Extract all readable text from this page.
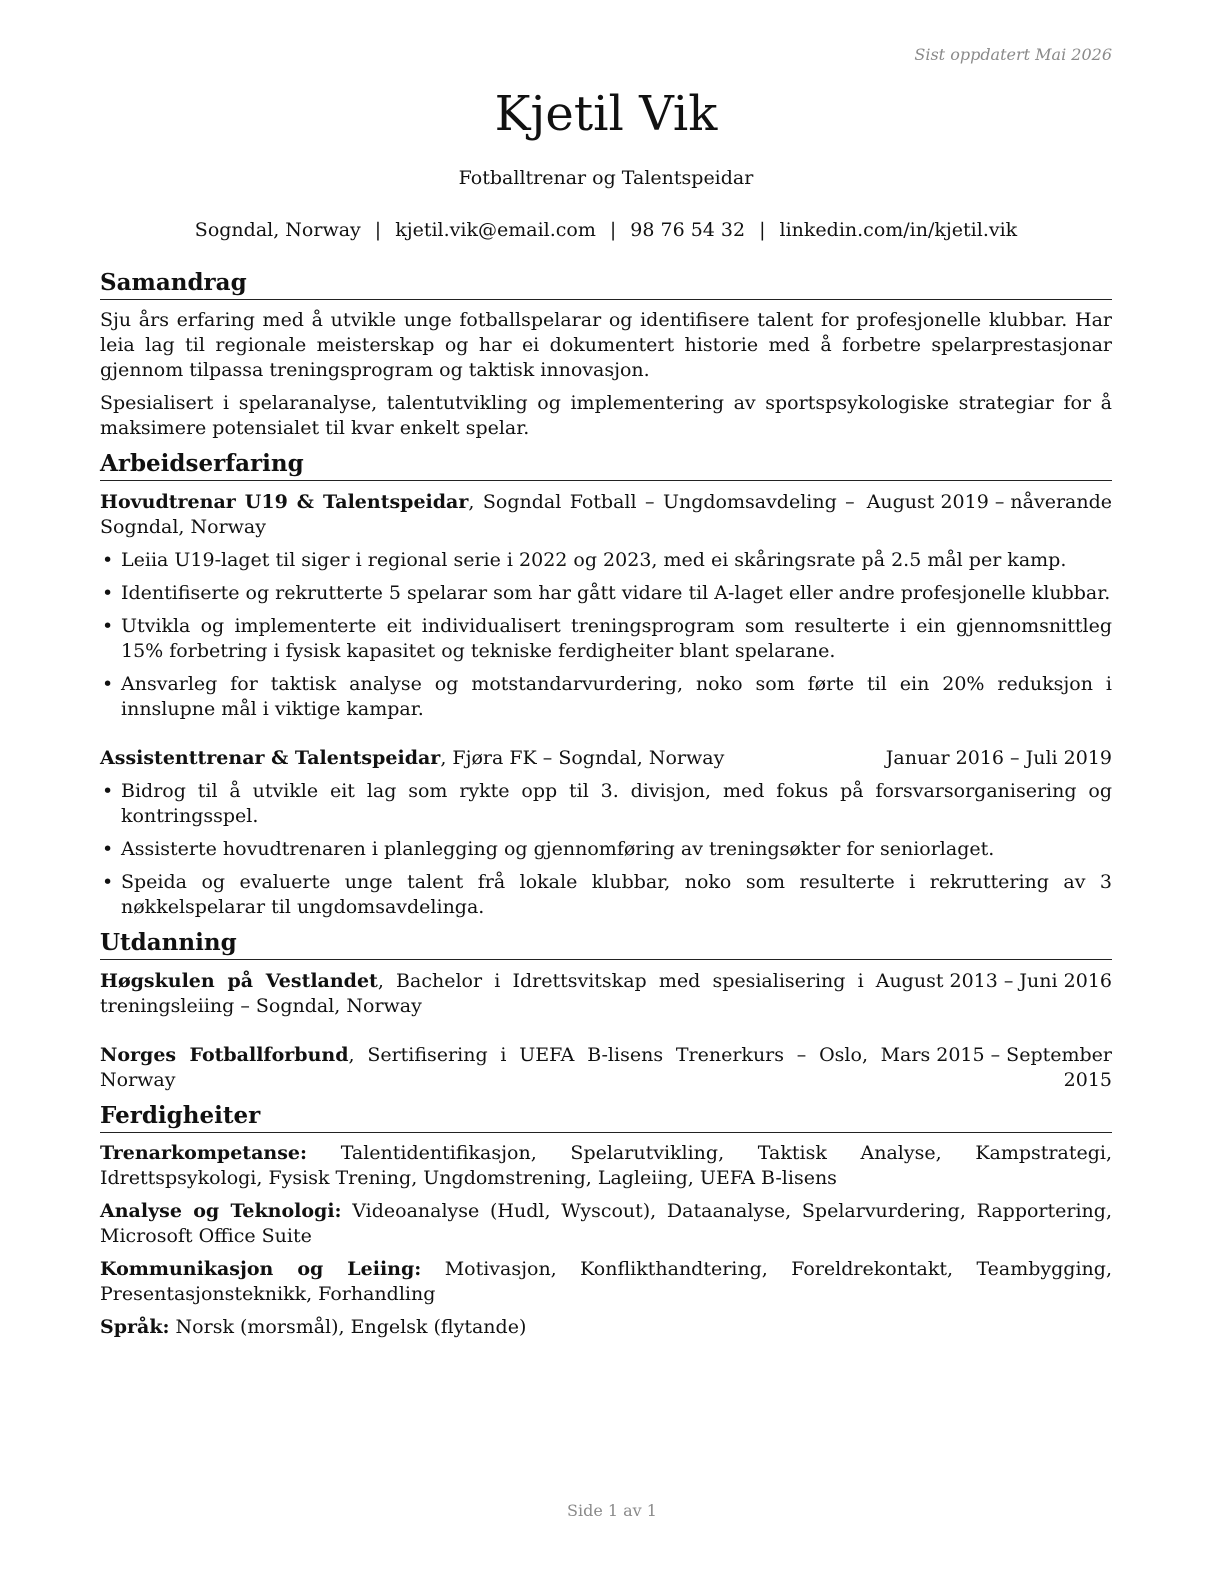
Sist oppdatert Mai 2026
Kjetil Vik
Fotballtrenar og Talentspeidar
Sogndal, Norway | kjetil.vik@email.com | 98 76 54 32 | linkedin.com/in/kjetil.vik
Samandrag

Sju års erfaring med å utvikle unge fotballspelarar og identifisere talent for profesjonelle klubbar. Har leia lag til regionale meisterskap og har ei dokumentert historie med å forbetre spelarprestasjonar gjennom tilpassa treningsprogram og taktisk innovasjon.

Spesialisert i spelaranalyse, talentutvikling og implementering av sportspsykologiske strategiar for å maksimere potensialet til kvar enkelt spelar.

Arbeidserfaring
Hovudtrenar U19 & Talentspeidar, Sogndal Fotball – Ungdomsavdeling – Sogndal, Norway
August 2019 – nåverande
• Leiia U19-laget til siger i regional serie i 2022 og 2023, med ei skåringsrate på 2.5 mål per kamp.
• Identifiserte og rekrutterte 5 spelarar som har gått vidare til A-laget eller andre profesjonelle klubbar.
• Utvikla og implementerte eit individualisert treningsprogram som resulterte i ein gjennomsnittleg 15% forbetring i fysisk kapasitet og tekniske ferdigheiter blant spelarane.
• Ansvarleg for taktisk analyse og motstandarvurdering, noko som førte til ein 20% reduksjon i innslupne mål i viktige kampar.
Assistenttrenar & Talentspeidar, Fjøra FK – Sogndal, Norway	Januar 2016 – Juli 2019
• Bidrog til å utvikle eit lag som rykte opp til 3. divisjon, med fokus på forsvarsorganisering og kontringsspel.
• Assisterte hovudtrenaren i planlegging og gjennomføring av treningsøkter for seniorlaget.
• Speida og evaluerte unge talent frå lokale klubbar, noko som resulterte i rekruttering av 3 nøkkelspelarar til ungdomsavdelinga.
Utdanning
Høgskulen på Vestlandet, Bachelor i Idrettsvitskap med spesialisering i treningsleiing – Sogndal, Norway
August 2013 – Juni 2016
Norges Fotballforbund, Sertifisering i UEFA B-lisens Trenerkurs – Oslo, Norway
Mars 2015 – September 2015
Ferdigheiter

Trenarkompetanse: Talentidentifikasjon, Spelarutvikling, Taktisk Analyse, Kampstrategi, Idrettspsykologi, Fysisk Trening, Ungdomstrening, Lagleiing, UEFA B-lisens

Analyse og Teknologi: Videoanalyse (Hudl, Wyscout), Dataanalyse, Spelarvurdering, Rapportering, Microsoft Office Suite

Kommunikasjon og Leiing: Motivasjon, Konflikthandtering, Foreldrekontakt, Teambygging, Presentasjonsteknikk, Forhandling

Språk: Norsk (morsmål), Engelsk (flytande)

Side 1 av 1
